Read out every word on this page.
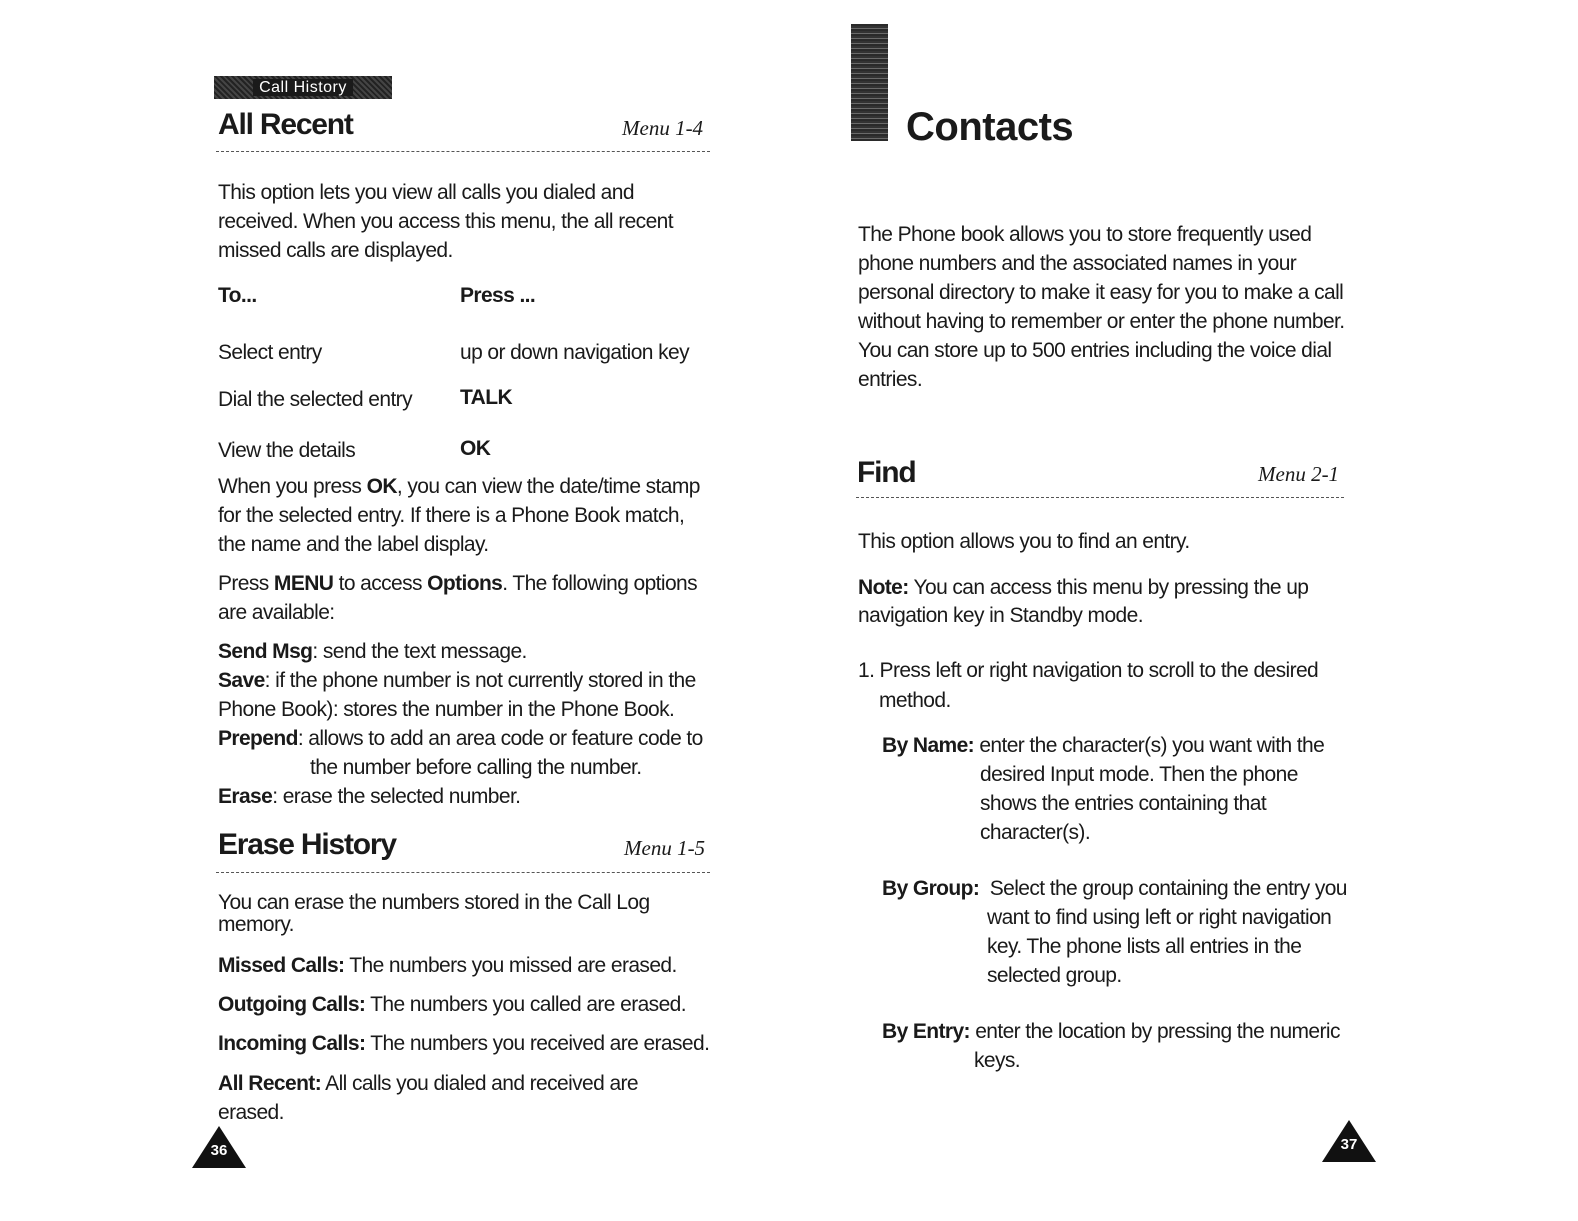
Call History
All Recent	Menu 1-4
This option lets you view all calls you dialed and
received. When you access this menu, the all recent
missed calls are displayed.
To...	Press ...
Select entry	up or down navigation key
Dial the selected entry TALK
View the details	OK
When you press OK, you can view the date/time stamp
for the selected entry. If there is a Phone Book match,
the name and the label display.
Press MENU to access Options. The following options
are available:
Send Msg: send the text message.
Save: if the phone number is not currently stored in the
Phone Book): stores the number in the Phone Book.
Prepend: allows to add an area code or feature code to
the number before calling the number.
Erase: erase the selected number.
Erase History	Menu 1-5
You can erase the numbers stored in the Call Log
memory.
Missed Calls: The numbers you missed are erased.
Outgoing Calls: The numbers you called are erased.
Incoming Calls: The numbers you received are erased.
All Recent: All calls you dialed and received are
erased.
36
Contacts
The Phone book allows you to store frequently used
phone numbers and the associated names in your
personal directory to make it easy for you to make a call
without having to remember or enter the phone number.
You can store up to 500 entries including the voice dial
entries.
Find	Menu 2-1
This option allows you to find an entry.
Note: You can access this menu by pressing the up
navigation key in Standby mode.
1. Press left or right navigation to scroll to the desired
method.
By Name: enter the character(s) you want with the
desired Input mode. Then the phone
shows the entries containing that
character(s).
By Group:  Select the group containing the entry you
want to find using left or right navigation
key. The phone lists all entries in the
selected group.
By Entry: enter the location by pressing the numeric
keys.
37
